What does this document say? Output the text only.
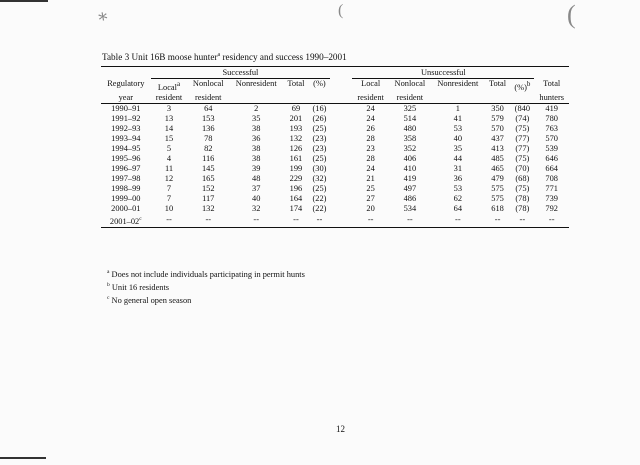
⁎	(	(
Table 3 Unit 16B moose hunter$^a$ residency and success 1990–2001
	Successful						Unsuccessful					
Regulatory	Local$^a$	Nonlocal	Nonresident	Total	(%)		Local	Nonlocal	Nonresident	Total	(%)$^b$	Total
year	resident	resident					resident	resident				hunters
1990–91	3	64	2	69	(16)		24	325	1	350	(840	419
1991–92	13	153	35	201	(26)		24	514	41	579	(74)	780
1992–93	14	136	38	193	(25)		26	480	53	570	(75)	763
1993–94	15	78	36	132	(23)		28	358	40	437	(77)	570
1994–95	5	82	38	126	(23)		23	352	35	413	(77)	539
1995–96	4	116	38	161	(25)		28	406	44	485	(75)	646
1996–97	11	145	39	199	(30)		24	410	31	465	(70)	664
1997–98	12	165	48	229	(32)		21	419	36	479	(68)	708
1998–99	7	152	37	196	(25)		25	497	53	575	(75)	771
1999–00	7	117	40	164	(22)		27	486	62	575	(78)	739
2000–01	10	132	32	174	(22)		20	534	64	618	(78)	792
2001–02$^c$	--	--	--	--	--		--	--	--	--	--	--
$^a$ Does not include individuals participating in permit hunts
$^b$ Unit 16 residents
$^c$ No general open season
12
